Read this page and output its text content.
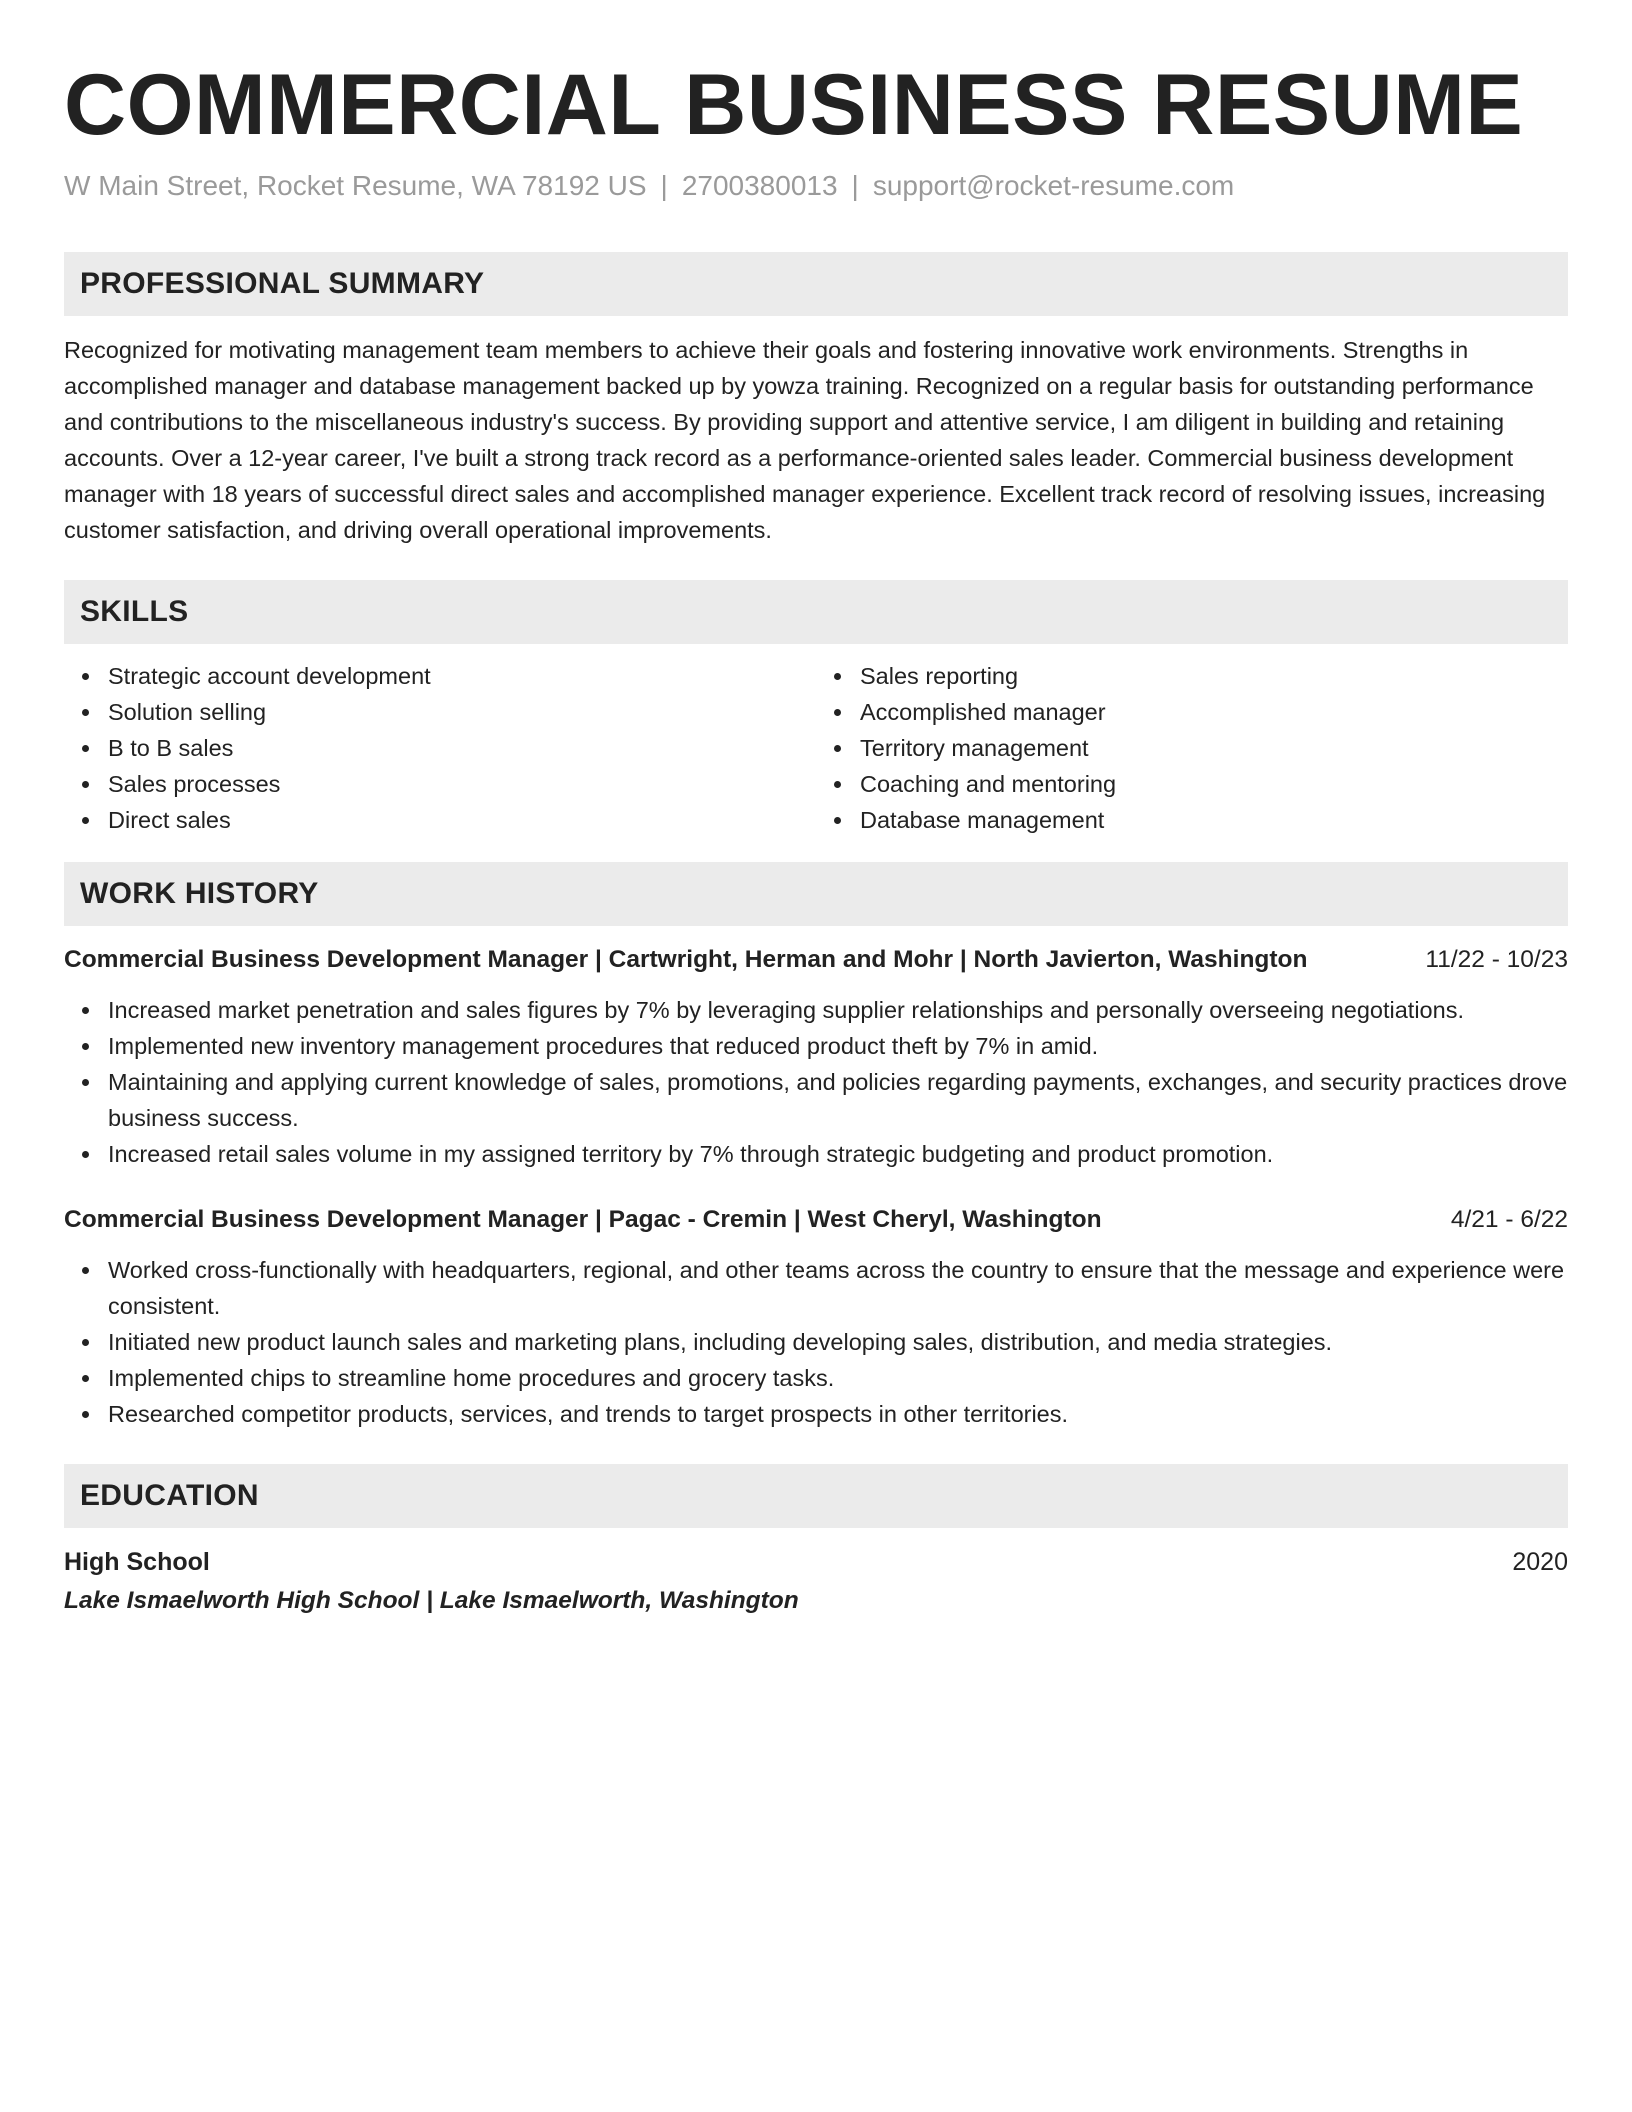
COMMERCIAL BUSINESS RESUME
W Main Street, Rocket Resume, WA 78192 US | 2700380013 | support@rocket-resume.com
PROFESSIONAL SUMMARY
Recognized for motivating management team members to achieve their goals and fostering innovative work environments. Strengths in accomplished manager and database management backed up by yowza training. Recognized on a regular basis for outstanding performance and contributions to the miscellaneous industry's success. By providing support and attentive service, I am diligent in building and retaining accounts. Over a 12-year career, I've built a strong track record as a performance-oriented sales leader. Commercial business development manager with 18 years of successful direct sales and accomplished manager experience. Excellent track record of resolving issues, increasing customer satisfaction, and driving overall operational improvements.
SKILLS
Strategic account development
Solution selling
B to B sales
Sales processes
Direct sales
Sales reporting
Accomplished manager
Territory management
Coaching and mentoring
Database management
WORK HISTORY
Commercial Business Development Manager | Cartwright, Herman and Mohr | North Javierton, Washington	11/22 - 10/23
Increased market penetration and sales figures by 7% by leveraging supplier relationships and personally overseeing negotiations.
Implemented new inventory management procedures that reduced product theft by 7% in amid.
Maintaining and applying current knowledge of sales, promotions, and policies regarding payments, exchanges, and security practices drove business success.
Increased retail sales volume in my assigned territory by 7% through strategic budgeting and product promotion.
Commercial Business Development Manager | Pagac - Cremin | West Cheryl, Washington	4/21 - 6/22
Worked cross-functionally with headquarters, regional, and other teams across the country to ensure that the message and experience were consistent.
Initiated new product launch sales and marketing plans, including developing sales, distribution, and media strategies.
Implemented chips to streamline home procedures and grocery tasks.
Researched competitor products, services, and trends to target prospects in other territories.
EDUCATION
High School	2020
Lake Ismaelworth High School | Lake Ismaelworth, Washington
